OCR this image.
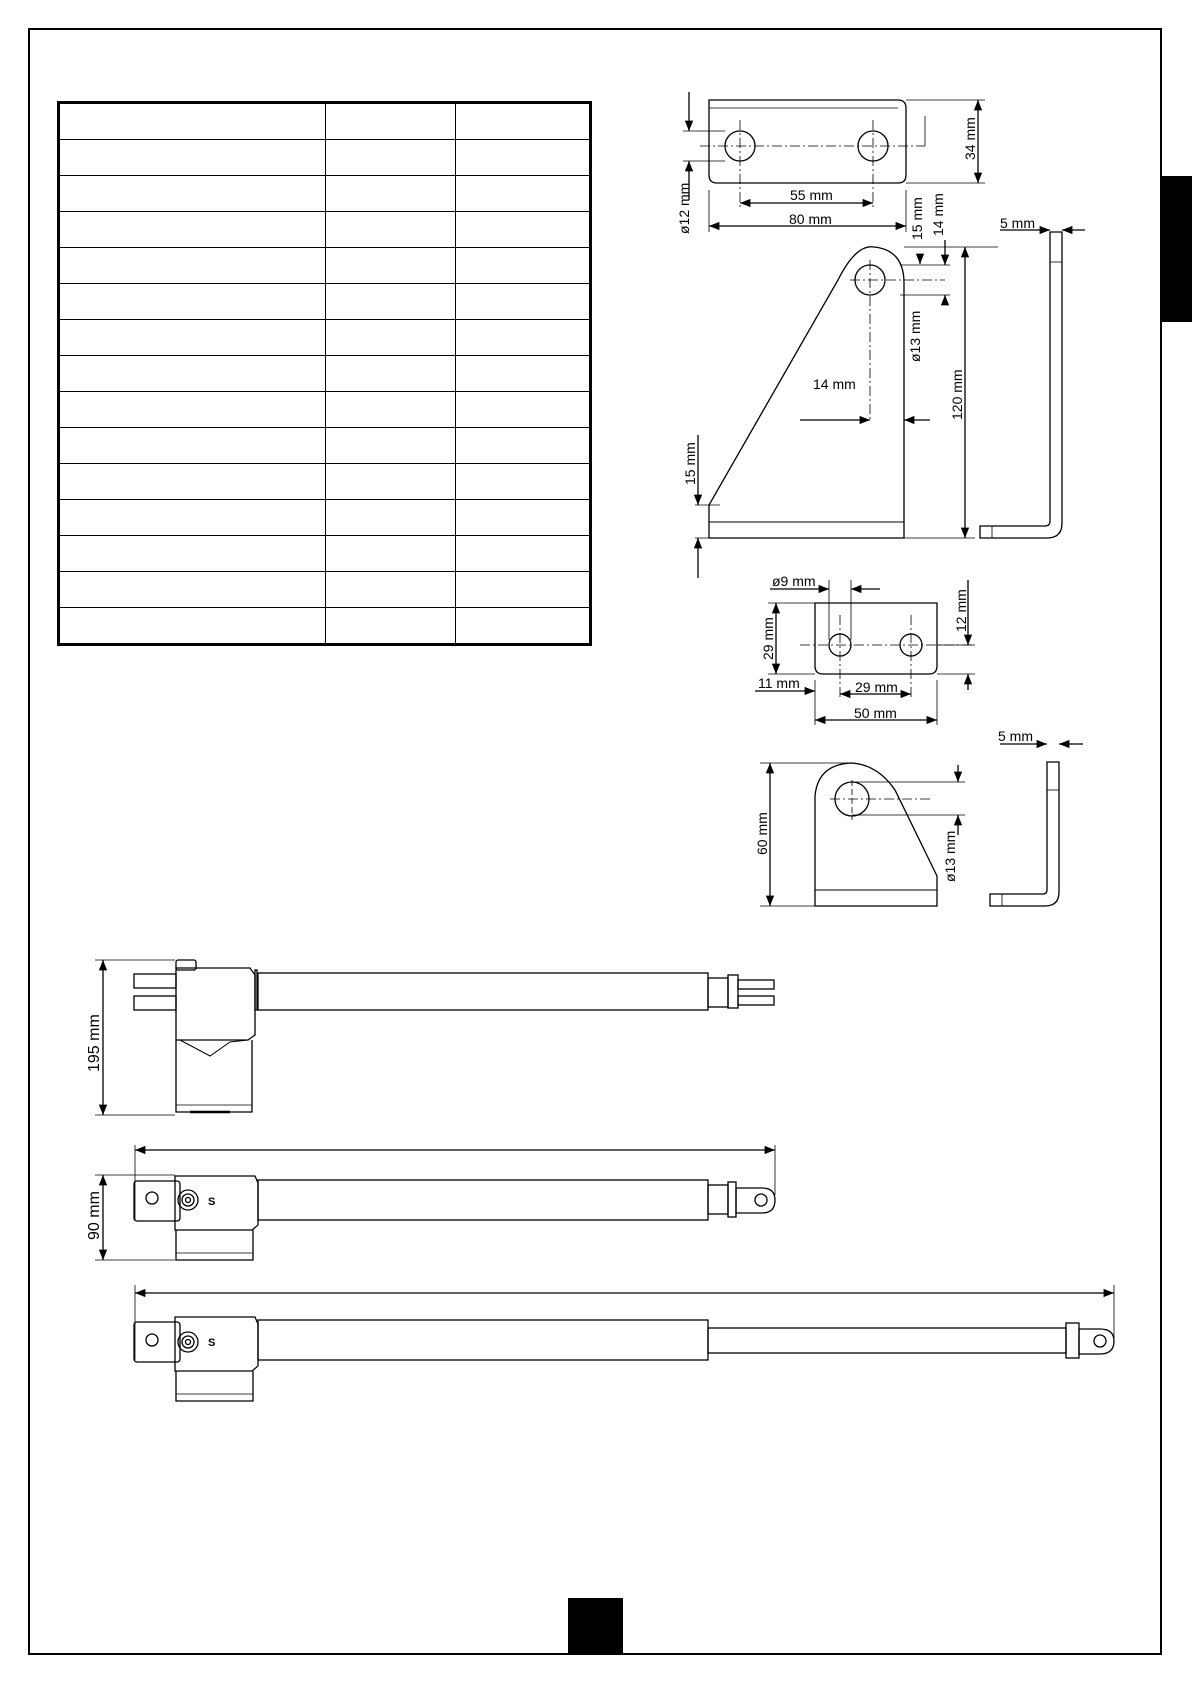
ø12 mm	55 mm
80 mm
34 mm
15 mm 14 mm
ø13 mm
14 mm	120 mm
15 mm
5 mm
ø9 mm
29 mm
12 mm
11 mm	29 mm
50 mm
ø13 mm
60 mm
5 mm
195 mm
90 mm	S
S
